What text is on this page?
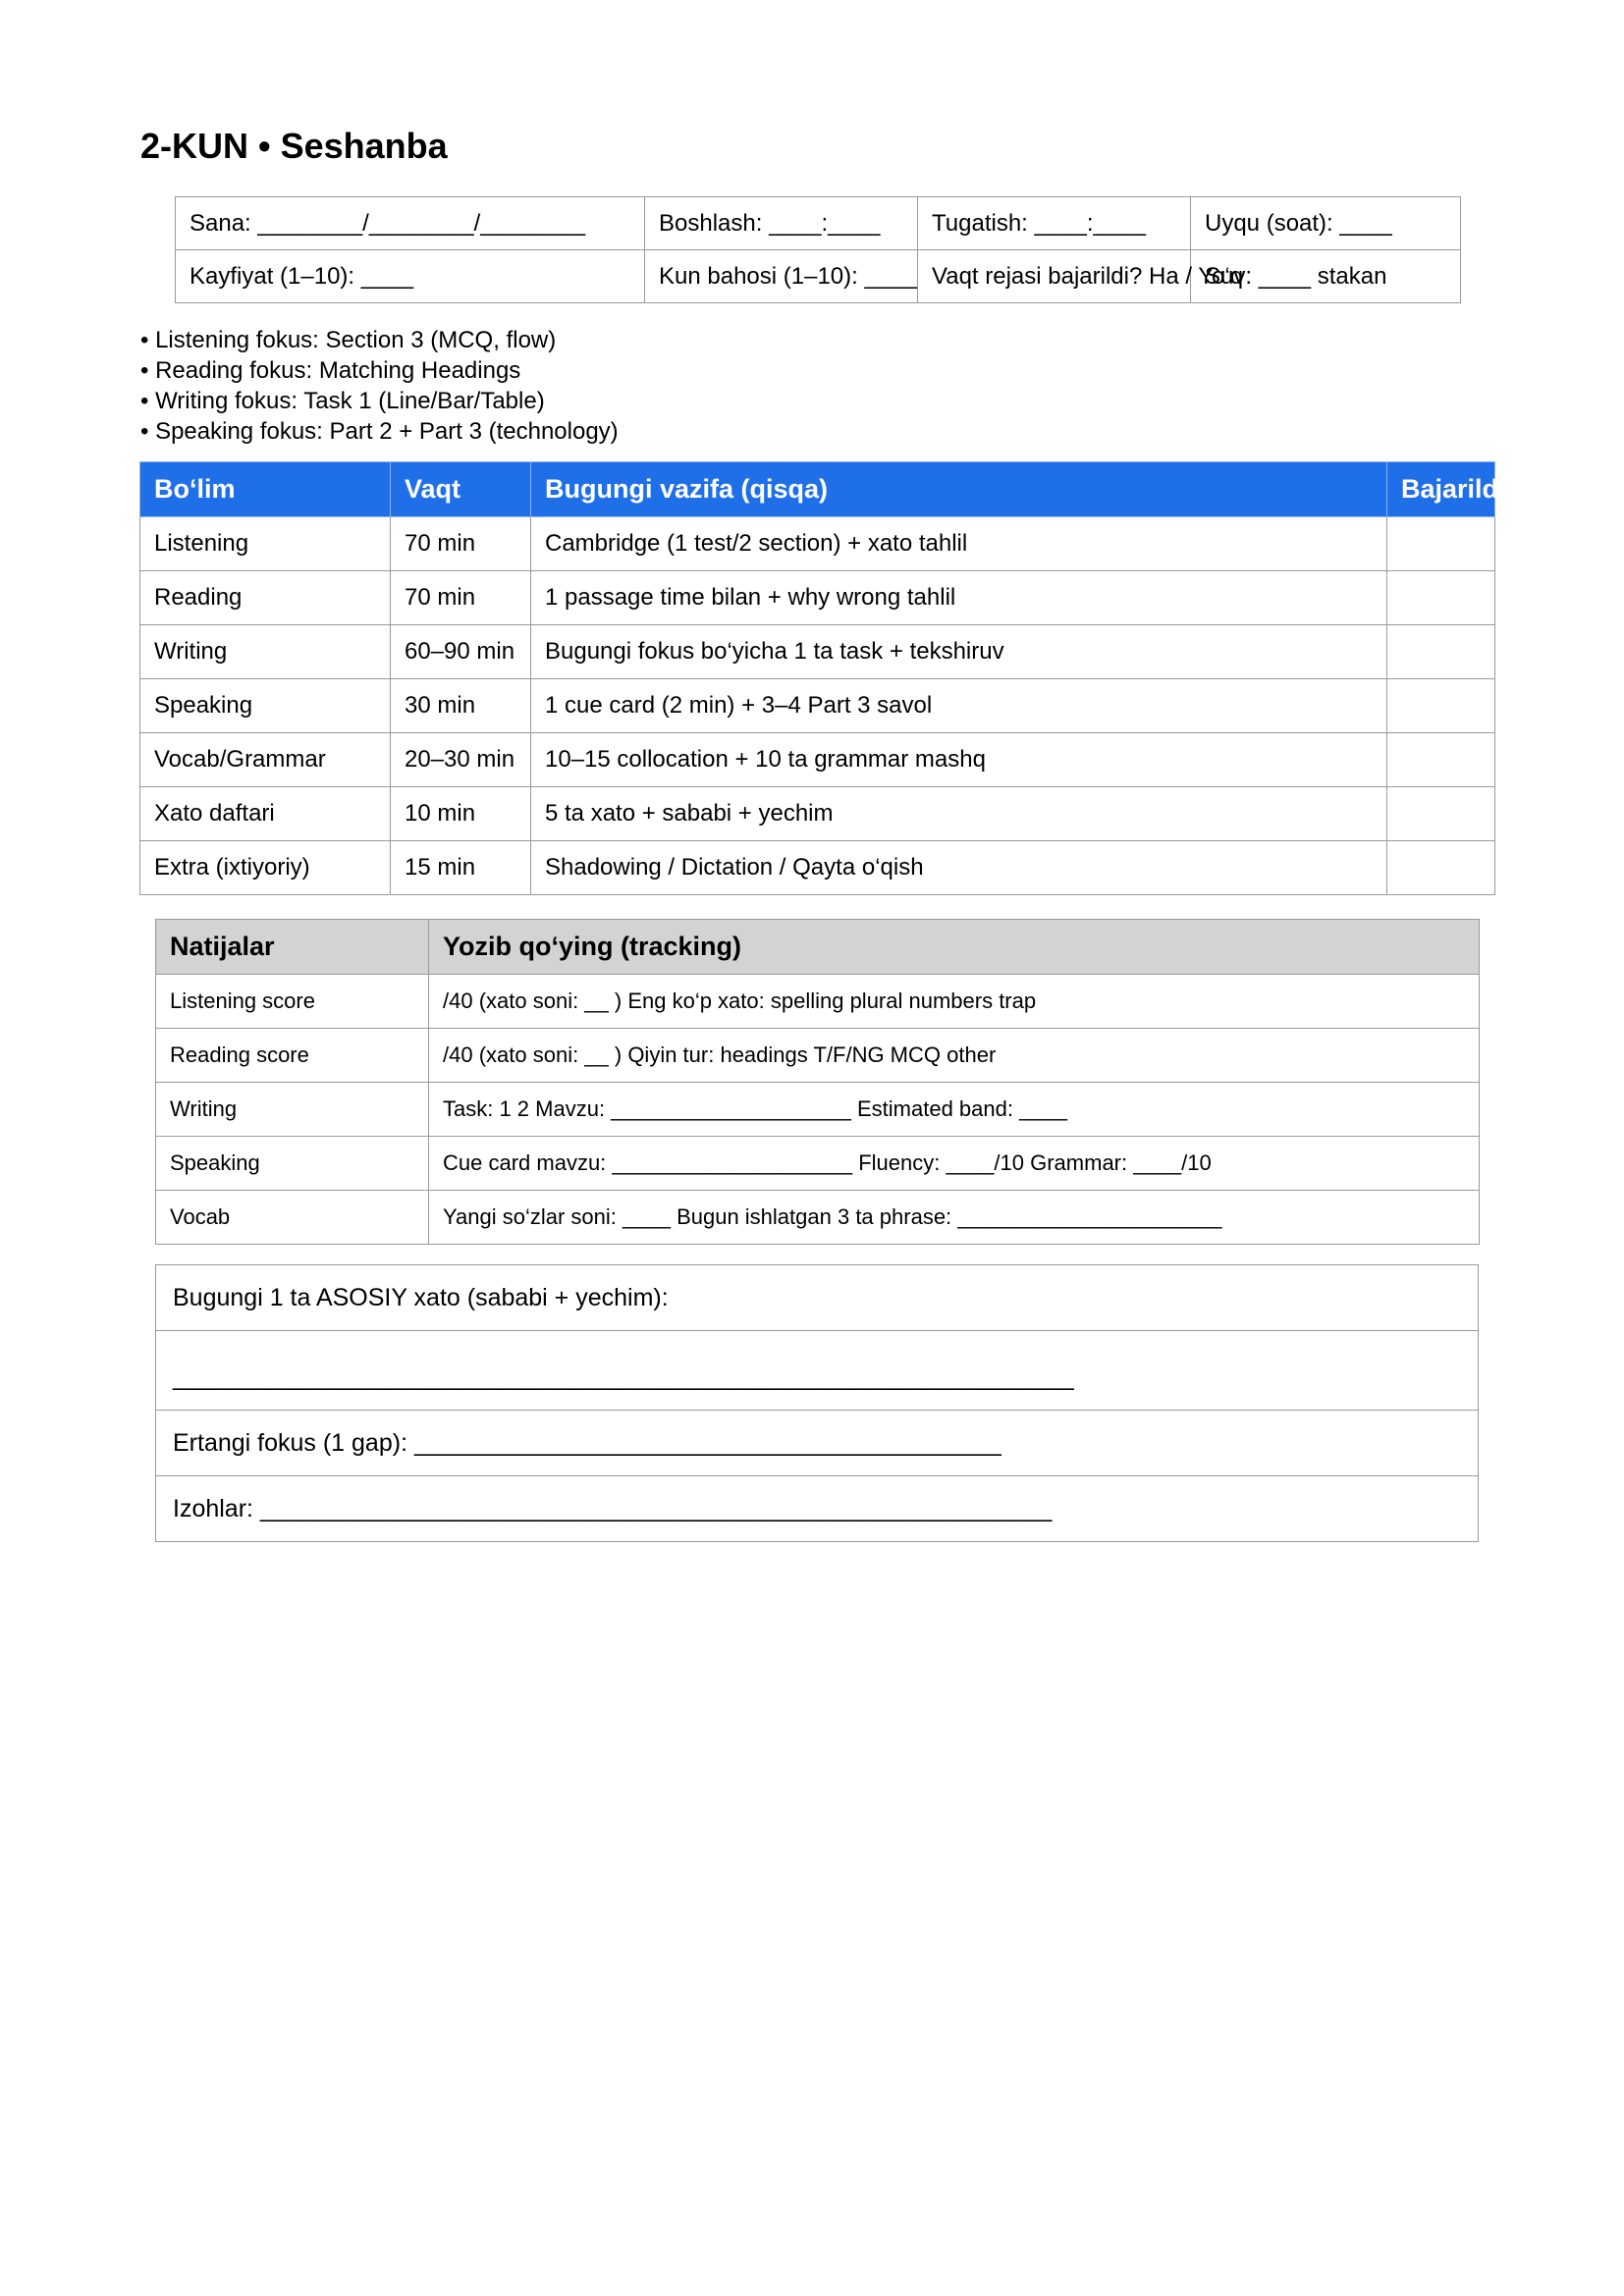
2-KUN • Seshanba
Sana: ________/________/________	Boshlash: ____:____	Tugatish: ____:____	Uyqu (soat): ____
Kayfiyat (1–10): ____	Kun bahosi (1–10): ____	Vaqt rejasi bajarildi? Ha / Yo‘q	Suv: ____ stakan
• Listening fokus: Section 3 (MCQ, flow)
• Reading fokus: Matching Headings
• Writing fokus: Task 1 (Line/Bar/Table)
• Speaking fokus: Part 2 + Part 3 (technology)
Bo‘lim	Vaqt	Bugungi vazifa (qisqa)	Bajarildi
Listening	70 min	Cambridge (1 test/2 section) + xato tahlil	
Reading	70 min	1 passage time bilan + why wrong tahlil	
Writing	60–90 min	Bugungi fokus bo‘yicha 1 ta task + tekshiruv	
Speaking	30 min	1 cue card (2 min) + 3–4 Part 3 savol	
Vocab/Grammar	20–30 min	10–15 collocation + 10 ta grammar mashq	
Xato daftari	10 min	5 ta xato + sababi + yechim	
Extra (ixtiyoriy)	15 min	Shadowing / Dictation / Qayta o‘qish	
Natijalar	Yozib qo‘ying (tracking)
Listening score	/40 (xato soni: __ ) Eng ko‘p xato: spelling plural numbers trap
Reading score	/40 (xato soni: __ ) Qiyin tur: headings T/F/NG MCQ other
Writing	Task: 1 2 Mavzu: ____________________ Estimated band: ____
Speaking	Cue card mavzu: ____________________ Fluency: ____/10 Grammar: ____/10
Vocab	Yangi so‘zlar soni: ____ Bugun ishlatgan 3 ta phrase: ______________________
Bugungi 1 ta ASOSIY xato (sababi + yechim):
__________________________________________________________________
Ertangi fokus (1 gap): ___________________________________________
Izohlar: __________________________________________________________
